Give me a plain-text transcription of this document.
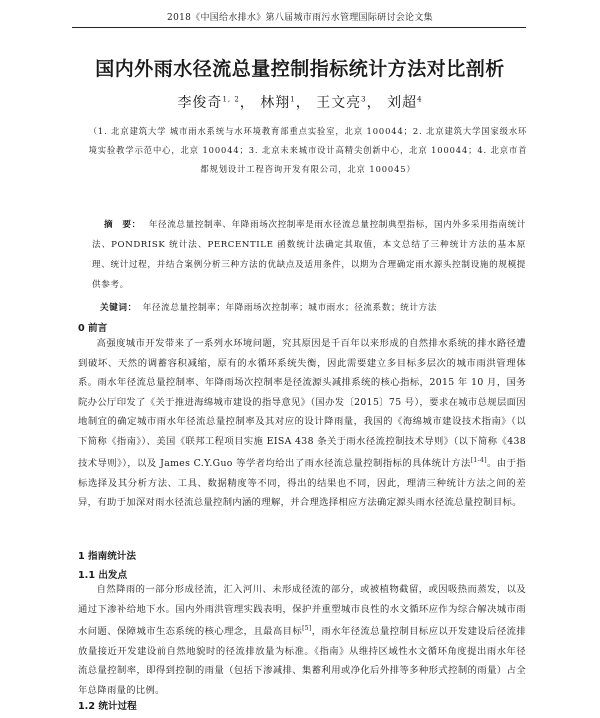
2018《中国给水排水》第八届城市雨污水管理国际研讨会论文集
国内外雨水径流总量控制指标统计方法对比剖析
李俊奇$^{1, 2}$， 林翔$^1$， 王文亮$^3$， 刘超$^4$
（1. 北京建筑大学 城市雨水系统与水环境教育部重点实验室，北京 100044；2. 北京建筑大学国家级水环境实验教学示范中心，北京 100044；3. 北京未来城市设计高精尖创新中心，北京 100044；4. 北京市首都规划设计工程咨询开发有限公司，北京 100045）
摘　要： 年径流总量控制率、年降雨场次控制率是雨水径流总量控制典型指标，国内外多采用指南统计法、PONDRISK 统计法、PERCENTILE 函数统计法确定其取值，本文总结了三种统计方法的基本原理、统计过程，并结合案例分析三种方法的优缺点及适用条件，以期为合理确定雨水源头控制设施的规模提供参考。
关键词： 年径流总量控制率；年降雨场次控制率；城市雨水；径流系数；统计方法
0 前言

高强度城市开发带来了一系列水环境问题，究其原因是千百年以来形成的自然排水系统的排水路径遭到破坏、天然的调蓄容积减缩，原有的水循环系统失衡，因此需要建立多目标多层次的城市雨洪管理体系。雨水年径流总量控制率、年降雨场次控制率是径流源头减排系统的核心指标，2015 年 10 月，国务院办公厅印发了《关于推进海绵城市建设的指导意见》（国办发〔2015〕75 号），要求在城市总规层面因地制宜的确定城市雨水年径流总量控制率及其对应的设计降雨量，我国的《海绵城市建设技术指南》（以下简称《指南》）、美国《联邦工程项目实施 EISA 438 条关于雨水径流控制技术导则》（以下简称《438 技术导则》），以及 James C.Y.Guo 等学者均给出了雨水径流总量控制指标的具体统计方法[1-4]。由于指标选择及其分析方法、工具、数据精度等不同，得出的结果也不同，因此，理清三种统计方法之间的差异，有助于加深对雨水径流总量控制内涵的理解，并合理选择相应方法确定源头雨水径流总量控制目标。

1 指南统计法
1.1 出发点

自然降雨的一部分形成径流，汇入河川、未形成径流的部分，或被植物截留，或因吸热而蒸发，以及通过下渗补给地下水。国内外雨洪管理实践表明，保护并重塑城市良性的水文循环应作为综合解决城市雨水问题、保障城市生态系统的核心理念，且最高目标[5]，雨水年径流总量控制目标应以开发建设后径流排放量接近开发建设前自然地貌时的径流排放量为标准。《指南》从维持区域性水文循环角度提出雨水年径流总量控制率，即得到控制的雨量（包括下渗减排、集蓄利用或净化后外排等多种形式控制的雨量）占全年总降雨量的比例。

1.2 统计过程
